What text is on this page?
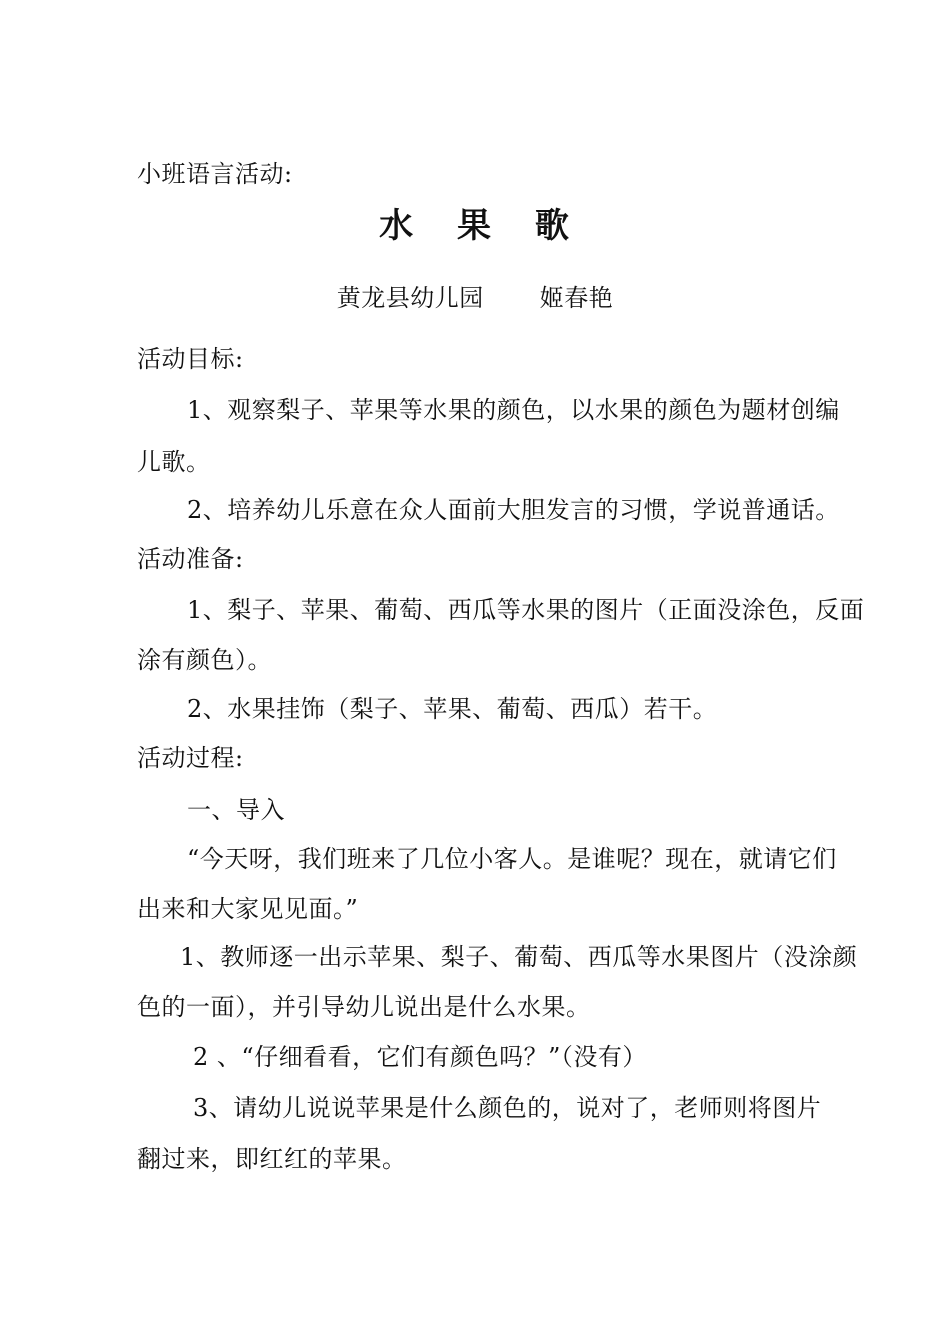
小班语言活动:
水 果 歌
黄龙县幼儿园 姬春艳
活动目标:
1、观察梨子、苹果等水果的颜色，以水果的颜色为题材创编
儿歌。
2、培养幼儿乐意在众人面前大胆发言的习惯，学说普通话。
活动准备:
1、梨子、苹果、葡萄、西瓜等水果的图片（正面没涂色，反面
涂有颜色）。
2、水果挂饰（梨子、苹果、葡萄、西瓜）若干。
活动过程:
一、导入
“今天呀，我们班来了几位小客人。是谁呢？现在，就请它们
出来和大家见见面。”
1、教师逐一出示苹果、梨子、葡萄、西瓜等水果图片（没涂颜
色的一面），并引导幼儿说出是什么水果。
2 、“仔细看看，它们有颜色吗？”（没有）
3、请幼儿说说苹果是什么颜色的，说对了，老师则将图片
翻过来，即红红的苹果。
